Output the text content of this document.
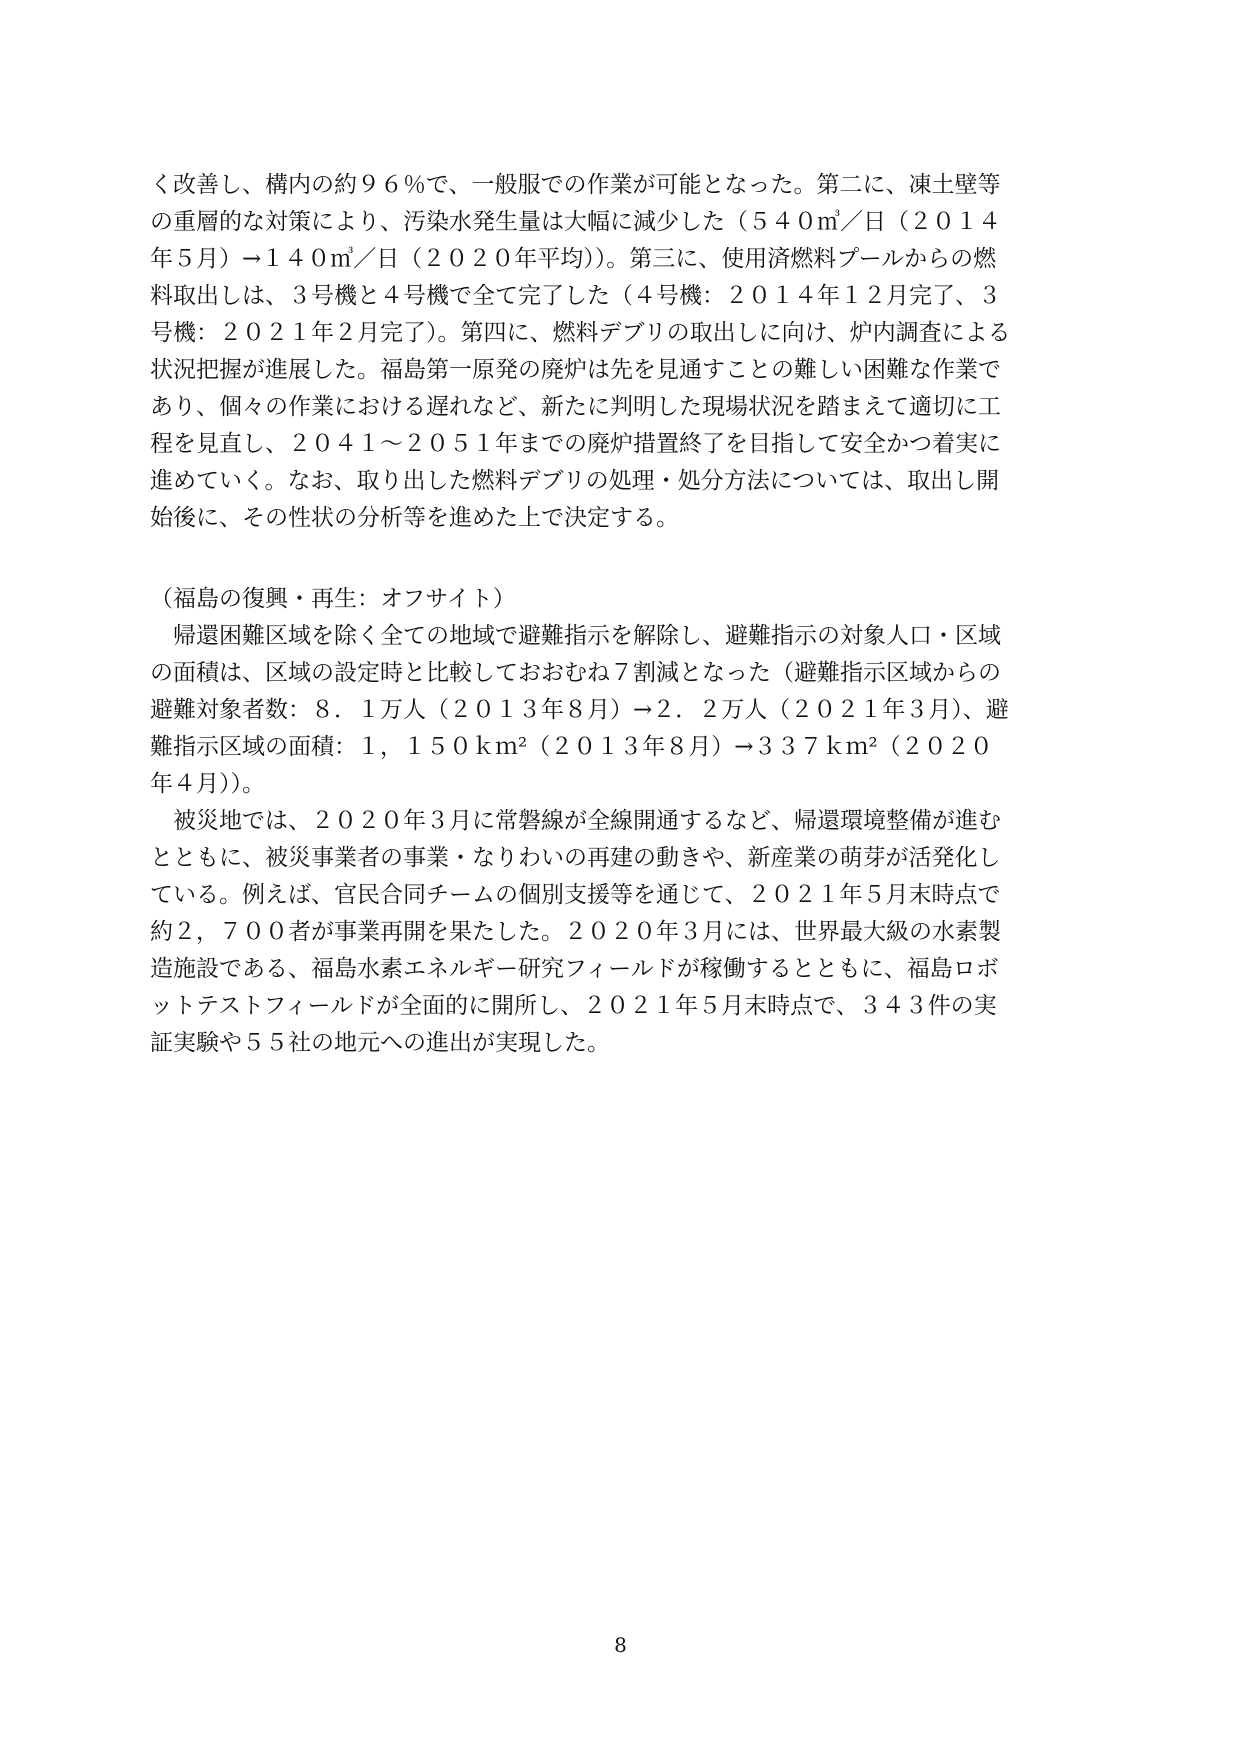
く改善し、構内の約９６％で、一般服での作業が可能となった。第二に、凍土壁等
の重層的な対策により、汚染水発生量は大幅に減少した（５４０㎥／日（２０１４
年５月）→１４０㎥／日（２０２０年平均））。第三に、使用済燃料プールからの燃
料取出しは、３号機と４号機で全て完了した（４号機：２０１４年１２月完了、３
号機：２０２１年２月完了）。第四に、燃料デブリの取出しに向け、炉内調査による
状況把握が進展した。福島第一原発の廃炉は先を見通すことの難しい困難な作業で
あり、個々の作業における遅れなど、新たに判明した現場状況を踏まえて適切に工
程を見直し、２０４１～２０５１年までの廃炉措置終了を目指して安全かつ着実に
進めていく。なお、取り出した燃料デブリの処理・処分方法については、取出し開
始後に、その性状の分析等を進めた上で決定する。
（福島の復興・再生：オフサイト）
　帰還困難区域を除く全ての地域で避難指示を解除し、避難指示の対象人口・区域
の面積は、区域の設定時と比較しておおむね７割減となった（避難指示区域からの
避難対象者数：８．１万人（２０１３年８月）→２．２万人（２０２１年３月）、避
難指示区域の面積：１，１５０ｋｍ²（２０１３年８月）→３３７ｋｍ²（２０２０
年４月））。
　被災地では、２０２０年３月に常磐線が全線開通するなど、帰還環境整備が進む
とともに、被災事業者の事業・なりわいの再建の動きや、新産業の萌芽が活発化し
ている。例えば、官民合同チームの個別支援等を通じて、２０２１年５月末時点で
約２，７００者が事業再開を果たした。２０２０年３月には、世界最大級の水素製
造施設である、福島水素エネルギー研究フィールドが稼働するとともに、福島ロボ
ットテストフィールドが全面的に開所し、２０２１年５月末時点で、３４３件の実
証実験や５５社の地元への進出が実現した。
8
